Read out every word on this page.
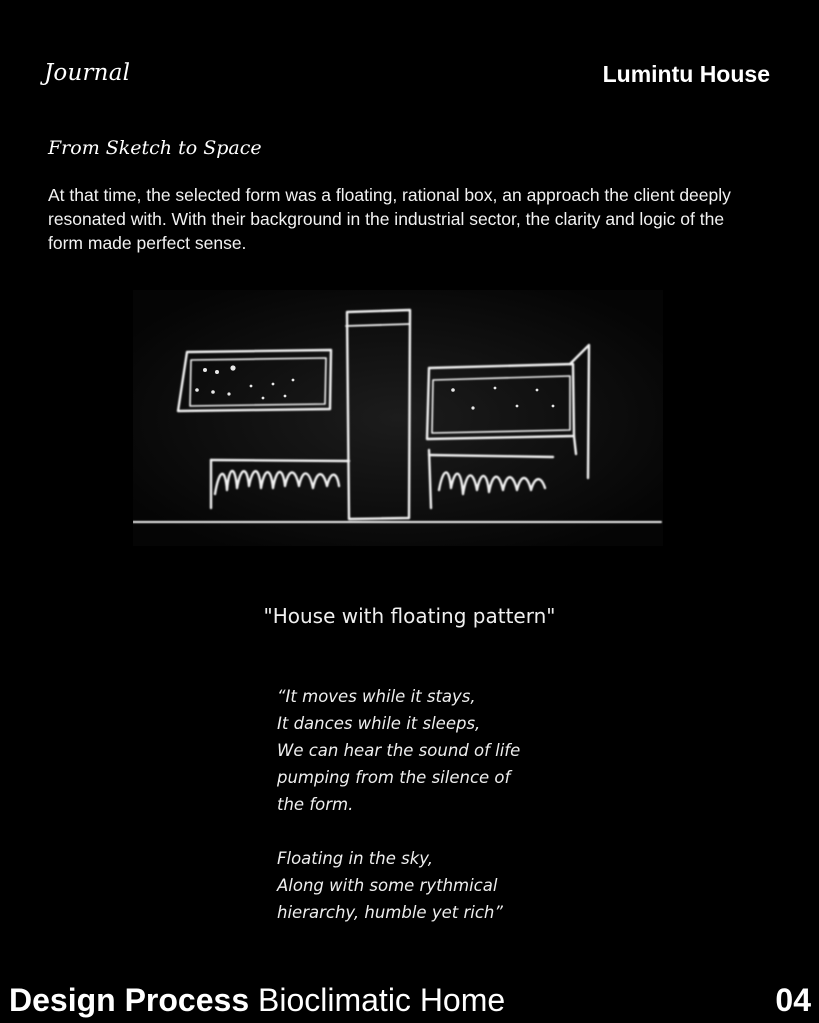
Journal	Lumintu House
From Sketch to Space
At that time, the selected form was a floating, rational box, an approach the client deeply resonated with. With their background in the industrial sector, the clarity and logic of the form made perfect sense.
"House with floating pattern"
“It moves while it stays,
It dances while it sleeps,
We can hear the sound of life
pumping from the silence of
the form.
Floating in the sky,
Along with some rythmical
hierarchy, humble yet rich”
Design Process Bioclimatic Home	04
